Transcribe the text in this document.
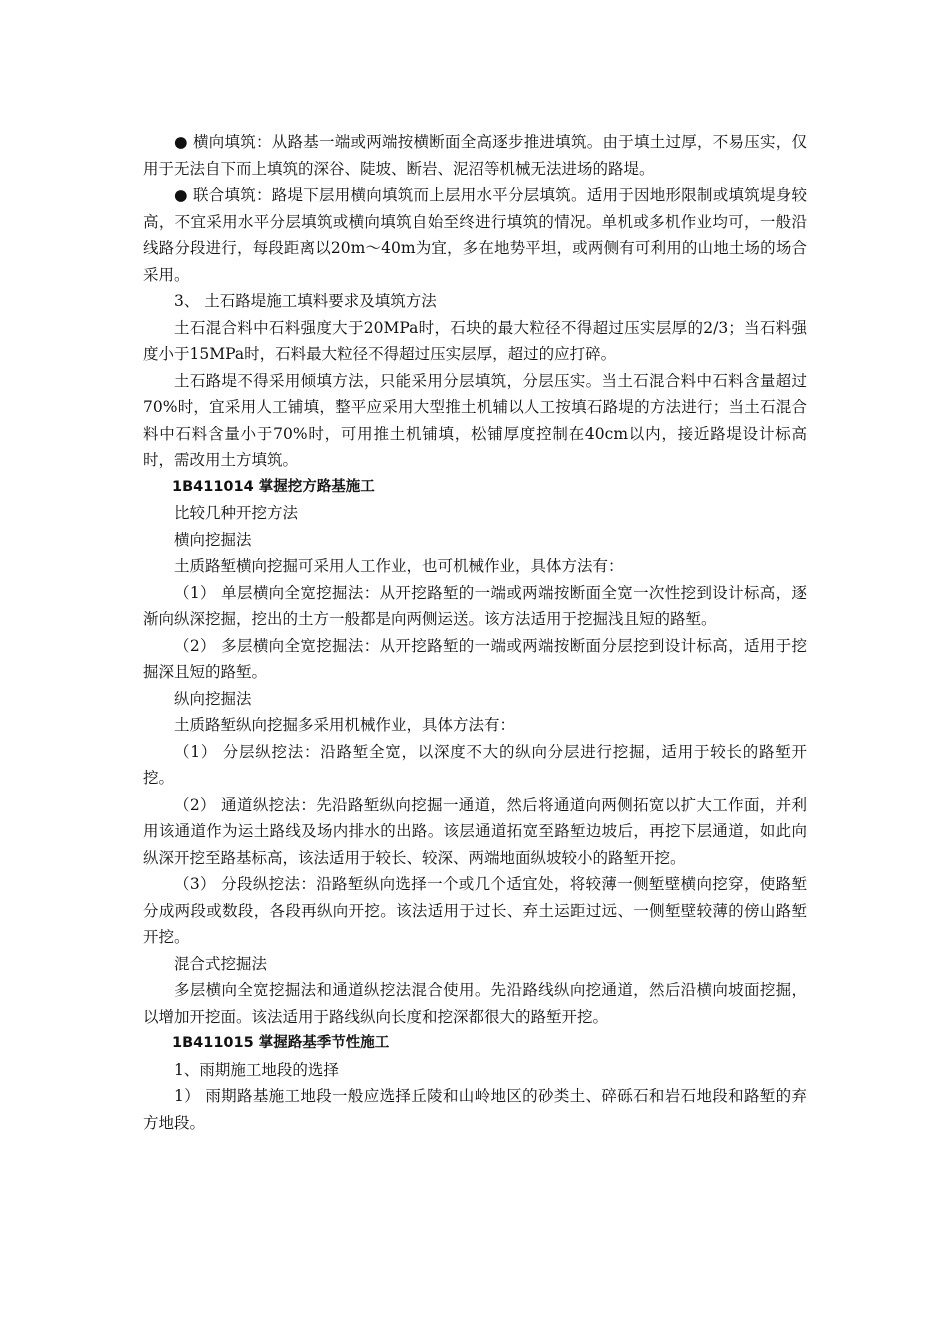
● 横向填筑：从路基一端或两端按横断面全高逐步推进填筑。由于填土过厚，不易压实，仅用于无法自下而上填筑的深谷、陡坡、断岩、泥沼等机械无法进场的路堤。

● 联合填筑：路堤下层用横向填筑而上层用水平分层填筑。适用于因地形限制或填筑堤身较高，不宜采用水平分层填筑或横向填筑自始至终进行填筑的情况。单机或多机作业均可，一般沿线路分段进行，每段距离以20m～40m为宜，多在地势平坦，或两侧有可利用的山地土场的场合采用。

3、 土石路堤施工填料要求及填筑方法

土石混合料中石料强度大于20MPa时，石块的最大粒径不得超过压实层厚的2/3；当石料强度小于15MPa时，石料最大粒径不得超过压实层厚，超过的应打碎。

土石路堤不得采用倾填方法，只能采用分层填筑，分层压实。当土石混合料中石料含量超过70%时，宜采用人工铺填，整平应采用大型推土机辅以人工按填石路堤的方法进行；当土石混合料中石料含量小于70%时，可用推土机铺填，松铺厚度控制在40cm以内，接近路堤设计标高时，需改用土方填筑。

1B411014 掌握挖方路基施工

比较几种开挖方法

横向挖掘法

土质路堑横向挖掘可采用人工作业，也可机械作业，具体方法有：

（1） 单层横向全宽挖掘法：从开挖路堑的一端或两端按断面全宽一次性挖到设计标高，逐渐向纵深挖掘，挖出的土方一般都是向两侧运送。该方法适用于挖掘浅且短的路堑。

（2） 多层横向全宽挖掘法：从开挖路堑的一端或两端按断面分层挖到设计标高，适用于挖掘深且短的路堑。

纵向挖掘法

土质路堑纵向挖掘多采用机械作业，具体方法有：

（1） 分层纵挖法：沿路堑全宽，以深度不大的纵向分层进行挖掘，适用于较长的路堑开挖。

（2） 通道纵挖法：先沿路堑纵向挖掘一通道，然后将通道向两侧拓宽以扩大工作面，并利用该通道作为运土路线及场内排水的出路。该层通道拓宽至路堑边坡后，再挖下层通道，如此向纵深开挖至路基标高，该法适用于较长、较深、两端地面纵坡较小的路堑开挖。

（3） 分段纵挖法：沿路堑纵向选择一个或几个适宜处，将较薄一侧堑壁横向挖穿，使路堑分成两段或数段，各段再纵向开挖。该法适用于过长、弃土运距过远、一侧堑壁较薄的傍山路堑开挖。

混合式挖掘法

多层横向全宽挖掘法和通道纵挖法混合使用。先沿路线纵向挖通道，然后沿横向坡面挖掘，以增加开挖面。该法适用于路线纵向长度和挖深都很大的路堑开挖。

1B411015 掌握路基季节性施工

1、雨期施工地段的选择

1） 雨期路基施工地段一般应选择丘陵和山岭地区的砂类土、碎砾石和岩石地段和路堑的弃方地段。
